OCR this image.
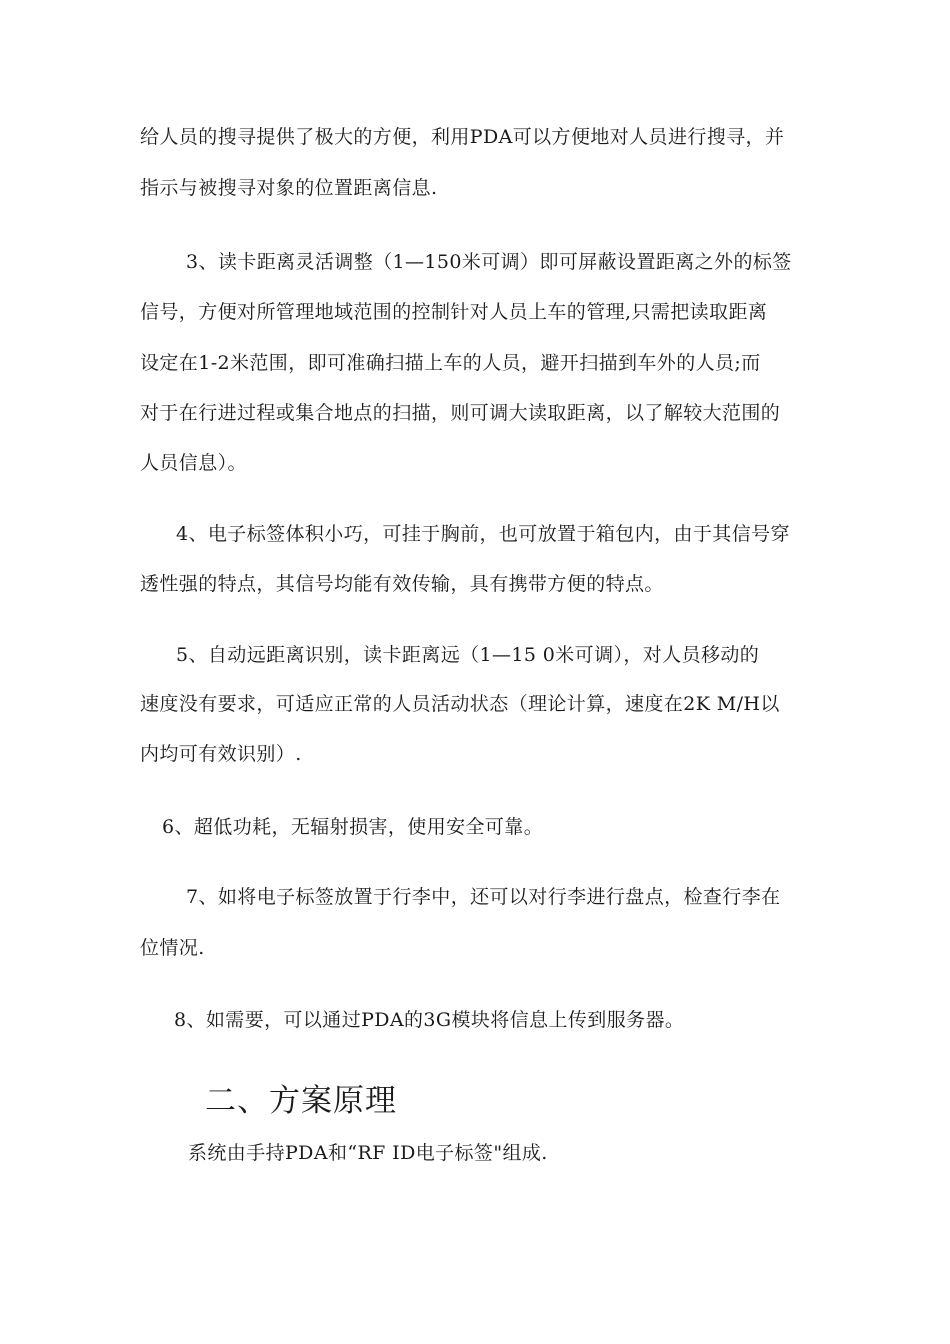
给人员的搜寻提供了极大的方便，利用PDA可以方便地对人员进行搜寻，并
指示与被搜寻对象的位置距离信息.
3、读卡距离灵活调整（1—150米可调）即可屏蔽设置距离之外的标签
信号，方便对所管理地域范围的控制针对人员上车的管理,只需把读取距离
设定在1-2米范围，即可准确扫描上车的人员，避开扫描到车外的人员;而
对于在行进过程或集合地点的扫描，则可调大读取距离，以了解较大范围的
人员信息）。
4、电子标签体积小巧，可挂于胸前，也可放置于箱包内，由于其信号穿
透性强的特点，其信号均能有效传输，具有携带方便的特点。
5、自动远距离识别，读卡距离远（1—15 0米可调），对人员移动的
速度没有要求，可适应正常的人员活动状态（理论计算，速度在2K M/H以
内均可有效识别）.
6、超低功耗，无辐射损害，使用安全可靠。
7、如将电子标签放置于行李中，还可以对行李进行盘点，检查行李在
位情况.
8、如需要，可以通过PDA的3G模块将信息上传到服务器。
二、方案原理
系统由手持PDA和“RF ID电子标签"组成.
